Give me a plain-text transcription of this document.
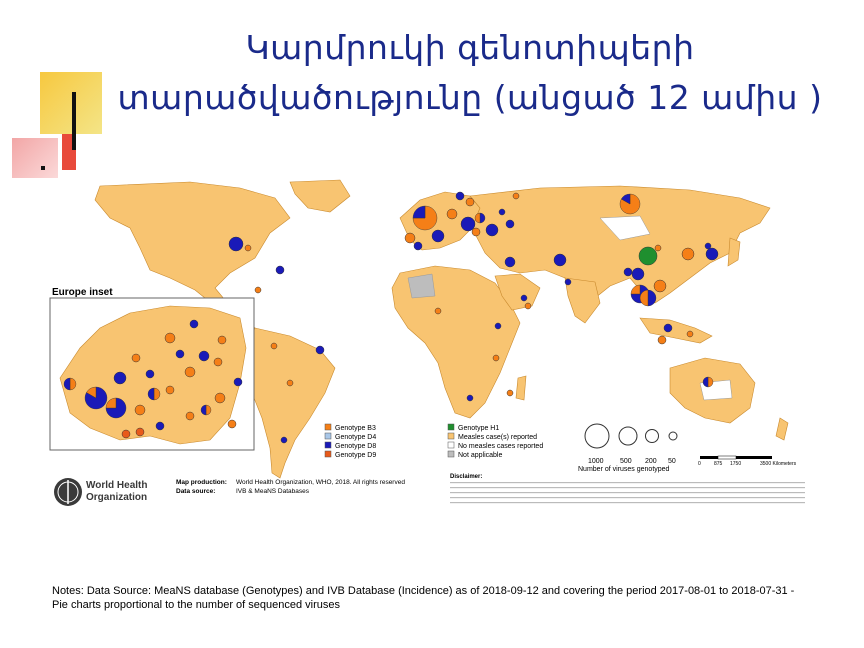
Կարմրուկի գենոտիպերի
տարածվածությունը (անցած 12 ամիս )
Europe inset
Genotype B3
Genotype D4
Genotype D8
Genotype D9
Genotype H1
Measles case(s) reported
No measles cases reported
Not applicable
1000 500 200 50
Number of viruses genotyped
0	875 1750	3500 Kilometers
World Health
Organization
Map production: World Health Organization, WHO, 2018. All rights reserved
Data source:	IVB & MeaNS Databases
Disclaimer:
Notes: Data Source: MeaNS database (Genotypes) and IVB Database (Incidence) as of 2018-09-12 and covering the period 2017-08-01 to 2018-07-31 - Pie charts proportional to the number of sequenced viruses
